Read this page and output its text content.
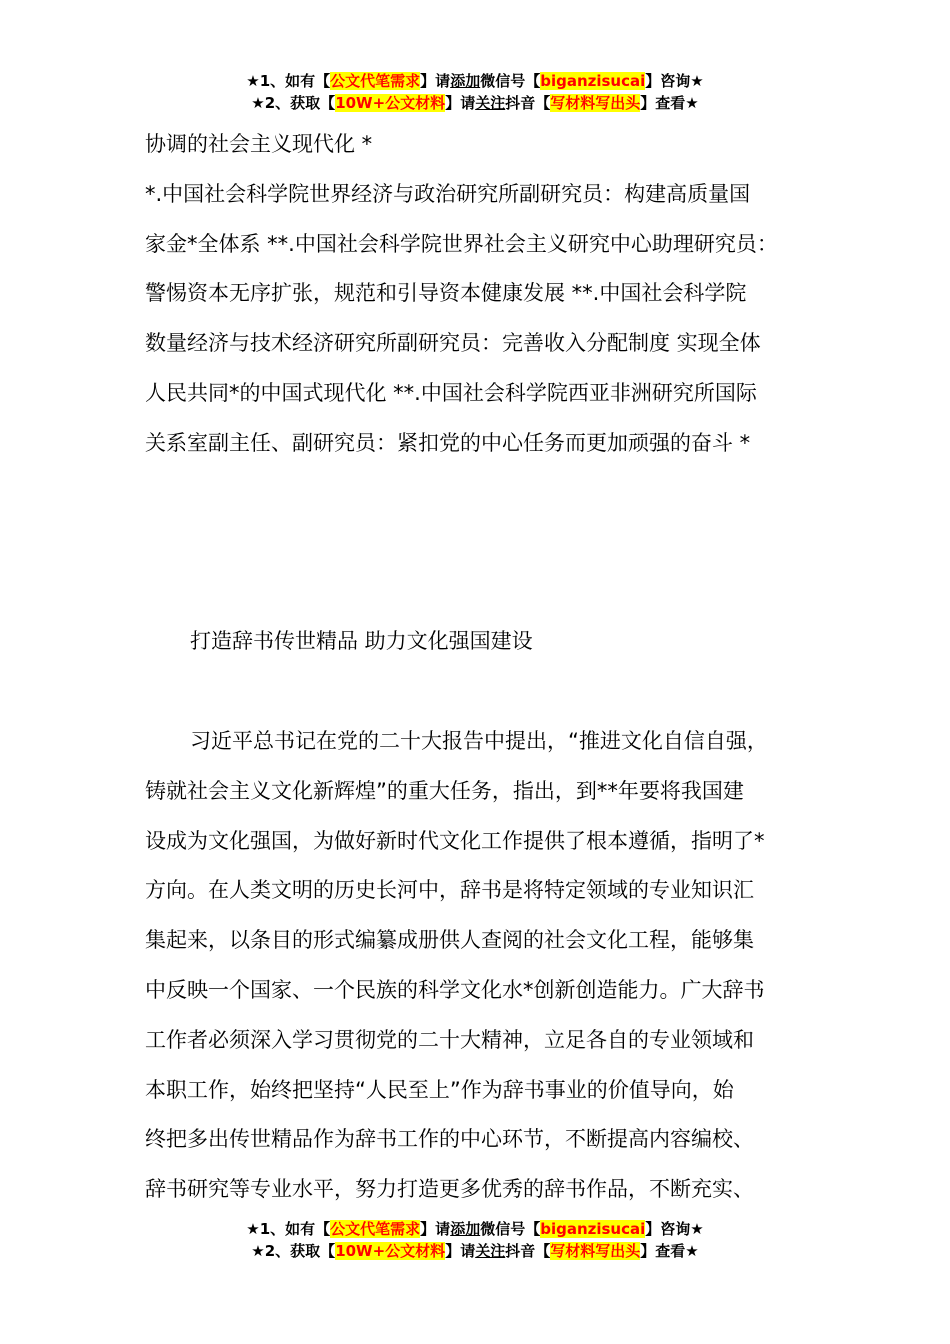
★1、如有【公文代笔需求】请添加微信号【biganzisucai】咨询★
★2、获取【10W+公文材料】请关注抖音【写材料写出头】查看★
协调的社会主义现代化 *
*.中国社会科学院世界经济与政治研究所副研究员：构建高质量国
家金*全体系 **.中国社会科学院世界社会主义研究中心助理研究员：
警惕资本无序扩张，规范和引导资本健康发展 **.中国社会科学院
数量经济与技术经济研究所副研究员：完善收入分配制度 实现全体
人民共同*的中国式现代化 **.中国社会科学院西亚非洲研究所国际
关系室副主任、副研究员：紧扣党的中心任务而更加顽强的奋斗 *
打造辞书传世精品 助力文化强国建设
习近平总书记在党的二十大报告中提出，“推进文化自信自强，
铸就社会主义文化新辉煌”的重大任务，指出，到**年要将我国建
设成为文化强国，为做好新时代文化工作提供了根本遵循，指明了*
方向。在人类文明的历史长河中，辞书是将特定领域的专业知识汇
集起来，以条目的形式编纂成册供人查阅的社会文化工程，能够集
中反映一个国家、一个民族的科学文化水*创新创造能力。广大辞书
工作者必须深入学习贯彻党的二十大精神，立足各自的专业领域和
本职工作，始终把坚持“人民至上”作为辞书事业的价值导向，始
终把多出传世精品作为辞书工作的中心环节，不断提高内容编校、
辞书研究等专业水平，努力打造更多优秀的辞书作品，不断充实、
★1、如有【公文代笔需求】请添加微信号【biganzisucai】咨询★
★2、获取【10W+公文材料】请关注抖音【写材料写出头】查看★
